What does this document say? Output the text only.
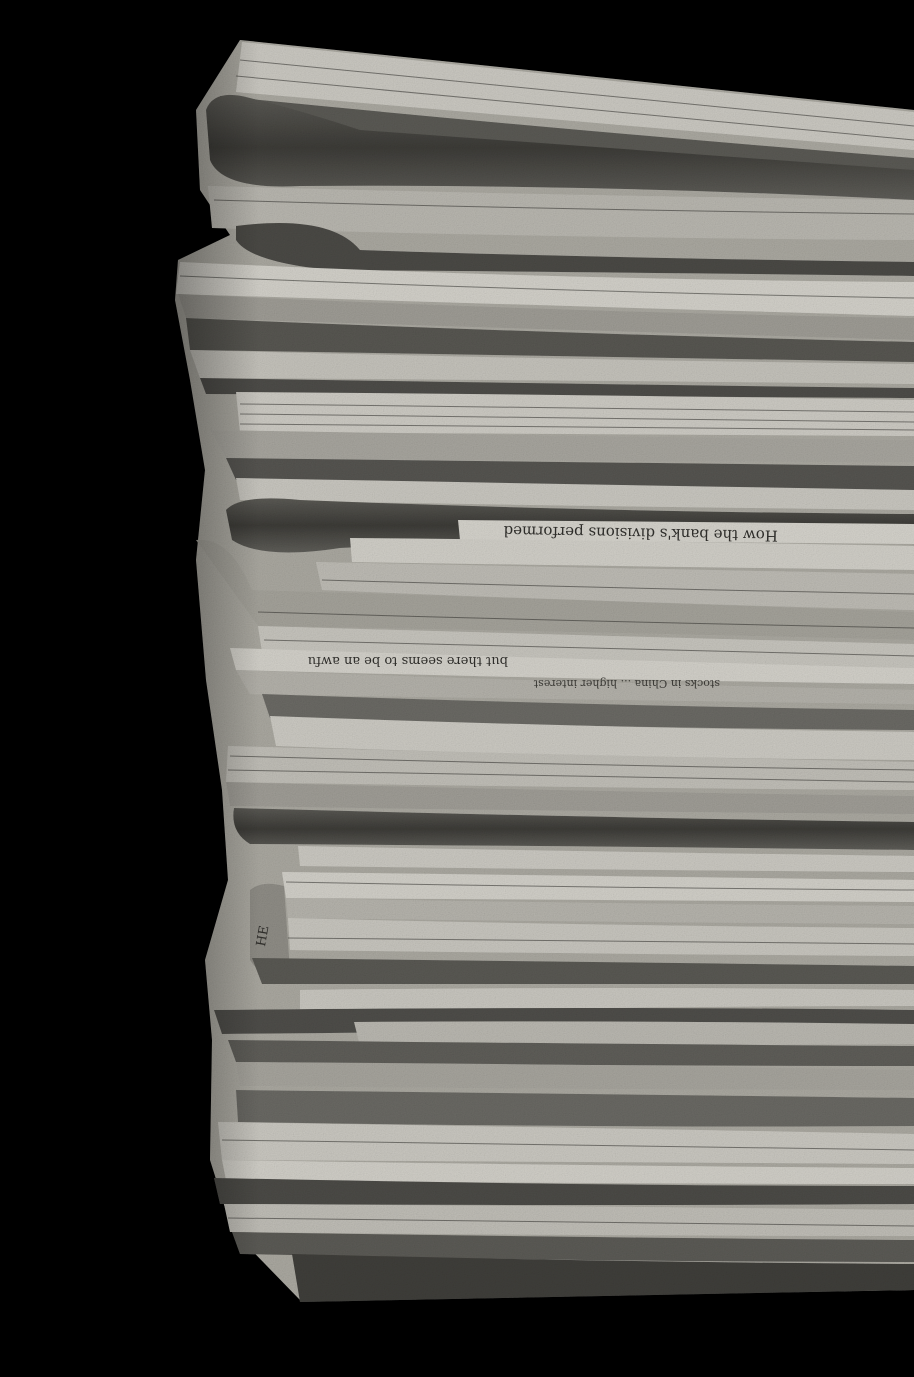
How the bank's divisions performed
but there seems to be an awfu
stocks in China ... higher interest
HE
